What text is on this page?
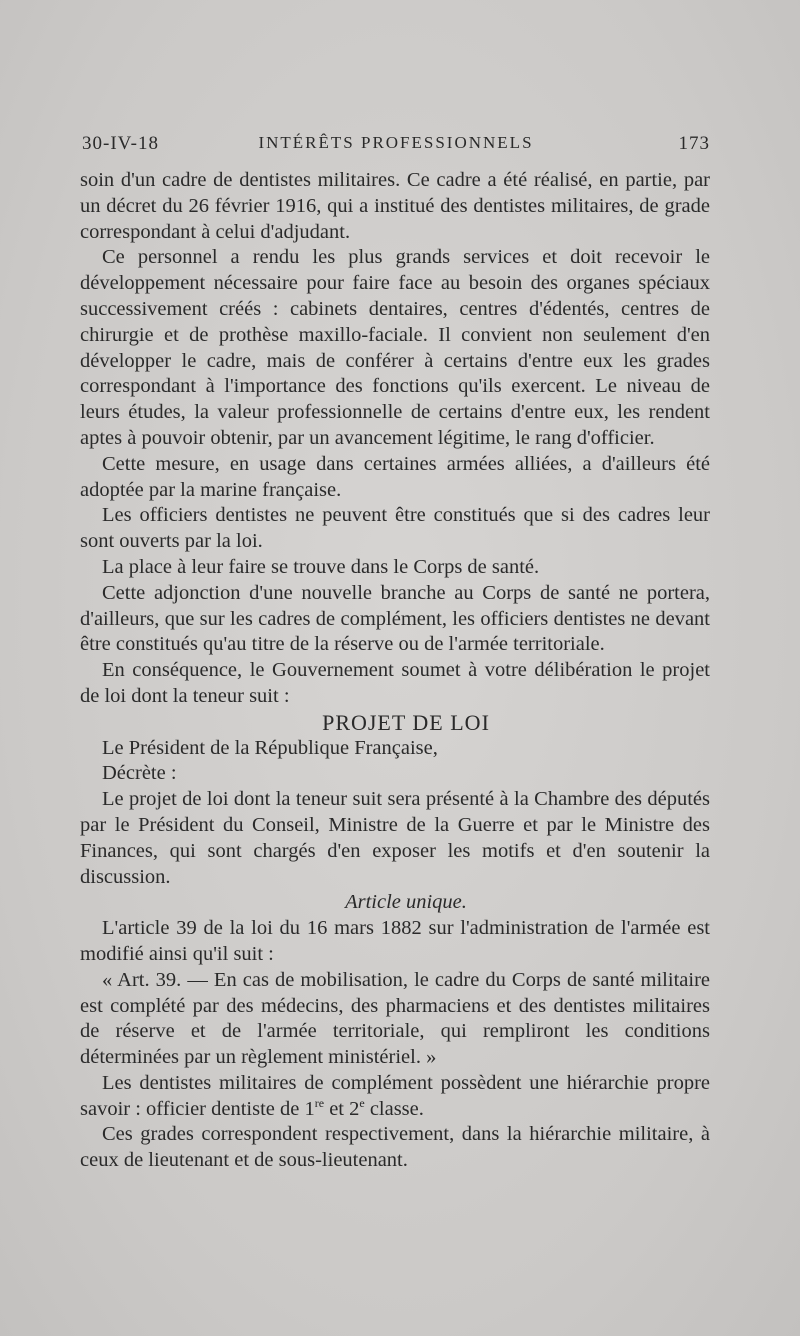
30-IV-18	INTÉRÊTS PROFESSIONNELS	173

soin d'un cadre de dentistes militaires. Ce cadre a été réalisé, en partie, par un décret du 26 février 1916, qui a institué des dentistes militaires, de grade correspondant à celui d'adjudant.

Ce personnel a rendu les plus grands services et doit recevoir le développement nécessaire pour faire face au besoin des organes spéciaux successivement créés : cabinets dentaires, centres d'édentés, centres de chirurgie et de prothèse maxillo-faciale. Il convient non seulement d'en développer le cadre, mais de conférer à certains d'entre eux les grades correspondant à l'importance des fonctions qu'ils exercent. Le niveau de leurs études, la valeur professionnelle de certains d'entre eux, les rendent aptes à pouvoir obtenir, par un avancement légitime, le rang d'officier.

Cette mesure, en usage dans certaines armées alliées, a d'ailleurs été adoptée par la marine française.

Les officiers dentistes ne peuvent être constitués que si des cadres leur sont ouverts par la loi.

La place à leur faire se trouve dans le Corps de santé.

Cette adjonction d'une nouvelle branche au Corps de santé ne portera, d'ailleurs, que sur les cadres de complément, les officiers dentistes ne devant être constitués qu'au titre de la réserve ou de l'armée territoriale.

En conséquence, le Gouvernement soumet à votre délibération le projet de loi dont la teneur suit :

PROJET DE LOI

Le Président de la République Française,

Décrète :

Le projet de loi dont la teneur suit sera présenté à la Chambre des députés par le Président du Conseil, Ministre de la Guerre et par le Ministre des Finances, qui sont chargés d'en exposer les motifs et d'en soutenir la discussion.

Article unique.

L'article 39 de la loi du 16 mars 1882 sur l'administration de l'armée est modifié ainsi qu'il suit :

« Art. 39. — En cas de mobilisation, le cadre du Corps de santé militaire est complété par des médecins, des pharmaciens et des dentistes militaires de réserve et de l'armée territoriale, qui rempliront les conditions déterminées par un règlement ministériel. »

Les dentistes militaires de complément possèdent une hiérarchie propre savoir : officier dentiste de 1re et 2e classe.

Ces grades correspondent respectivement, dans la hiérarchie militaire, à ceux de lieutenant et de sous-lieutenant.
